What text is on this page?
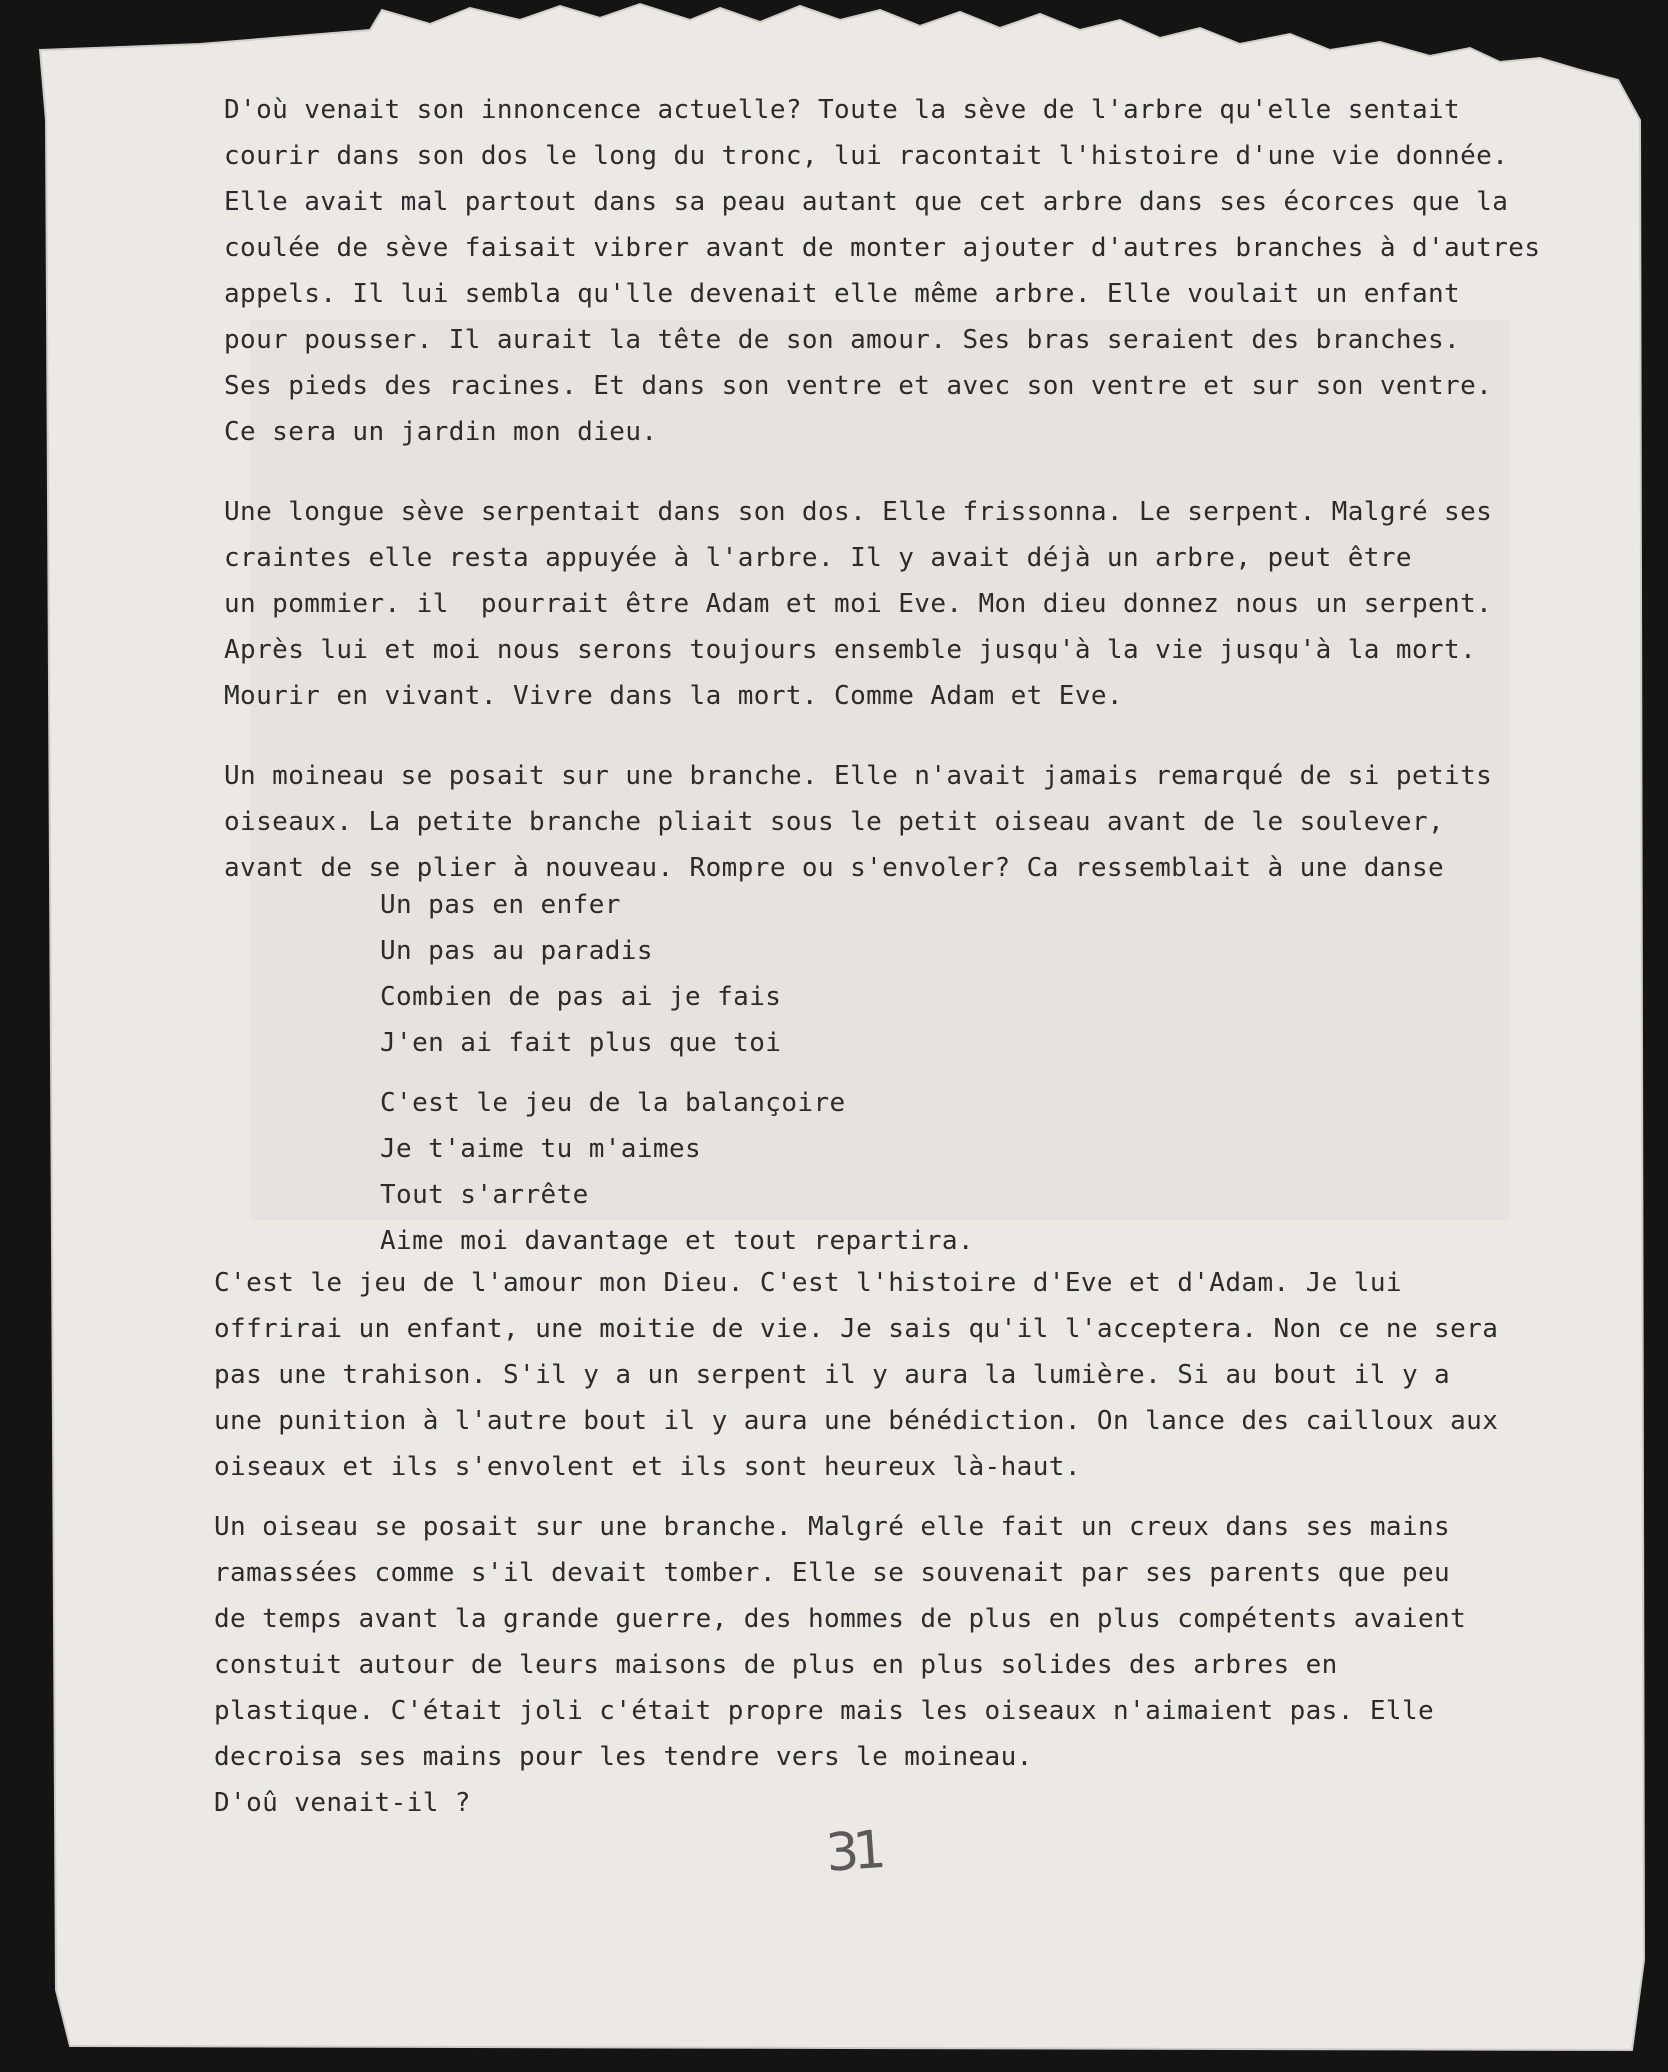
D'où venait son innoncence actuelle? Toute la sève de l'arbre qu'elle sentait

courir dans son dos le long du tronc, lui racontait l'histoire d'une vie donnée.

Elle avait mal partout dans sa peau autant que cet arbre dans ses écorces que la

coulée de sève faisait vibrer avant de monter ajouter d'autres branches à d'autres

appels. Il lui sembla qu'lle devenait elle même arbre. Elle voulait un enfant

pour pousser. Il aurait la tête de son amour. Ses bras seraient des branches.

Ses pieds des racines. Et dans son ventre et avec son ventre et sur son ventre.

Ce sera un jardin mon dieu.

Une longue sève serpentait dans son dos. Elle frissonna. Le serpent. Malgré ses

craintes elle resta appuyée à l'arbre. Il y avait déjà un arbre, peut être

un pommier. il  pourrait être Adam et moi Eve. Mon dieu donnez nous un serpent.

Après lui et moi nous serons toujours ensemble jusqu'à la vie jusqu'à la mort.

Mourir en vivant. Vivre dans la mort. Comme Adam et Eve.

Un moineau se posait sur une branche. Elle n'avait jamais remarqué de si petits

oiseaux. La petite branche pliait sous le petit oiseau avant de le soulever,

avant de se plier à nouveau. Rompre ou s'envoler? Ca ressemblait à une danse

Un pas en enfer

Un pas au paradis

Combien de pas ai je fais

J'en ai fait plus que toi

C'est le jeu de la balançoire

Je t'aime tu m'aimes

Tout s'arrête

Aime moi davantage et tout repartira.

C'est le jeu de l'amour mon Dieu. C'est l'histoire d'Eve et d'Adam. Je lui

offrirai un enfant, une moitie de vie. Je sais qu'il l'acceptera. Non ce ne sera

pas une trahison. S'il y a un serpent il y aura la lumière. Si au bout il y a

une punition à l'autre bout il y aura une bénédiction. On lance des cailloux aux

oiseaux et ils s'envolent et ils sont heureux là-haut.

Un oiseau se posait sur une branche. Malgré elle fait un creux dans ses mains

ramassées comme s'il devait tomber. Elle se souvenait par ses parents que peu

de temps avant la grande guerre, des hommes de plus en plus compétents avaient

constuit autour de leurs maisons de plus en plus solides des arbres en

plastique. C'était joli c'était propre mais les oiseaux n'aimaient pas. Elle

decroisa ses mains pour les tendre vers le moineau.

D'oû venait-il ?

31
